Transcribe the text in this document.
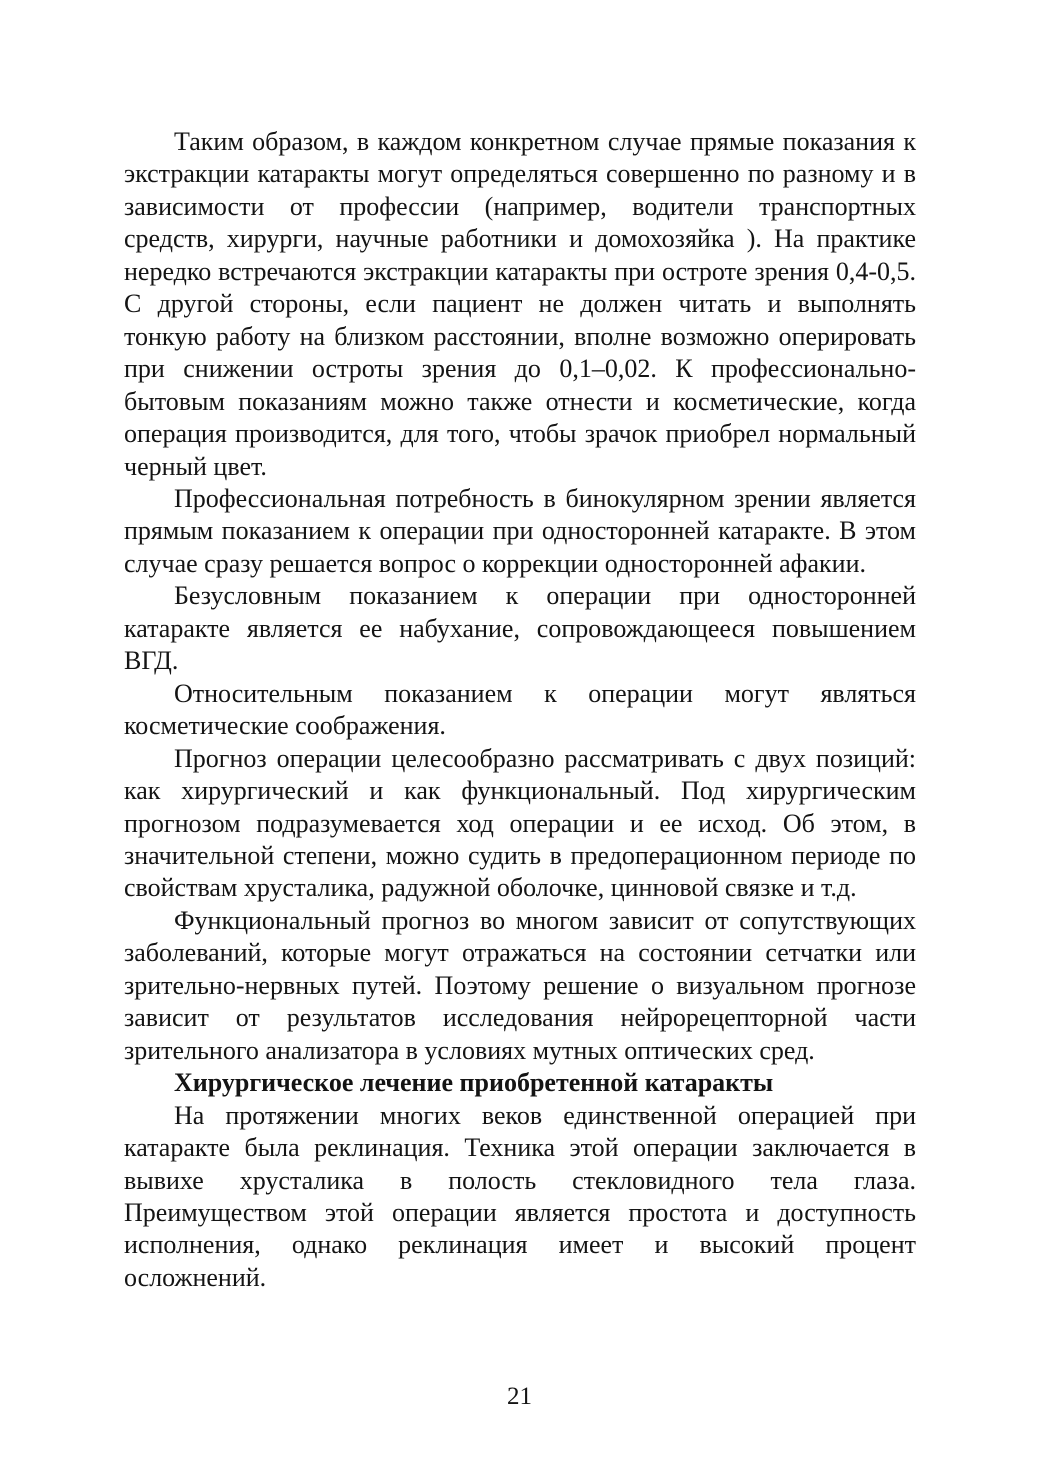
Таким образом, в каждом конкретном случае прямые показания к экстракции катаракты могут определяться совершенно по разному и в зависимости от профессии (например, водители транспортных средств, хирурги, научные работники и домохозяйка ). На практике нередко встречаются экстракции катаракты при остроте зрения 0,4-0,5. С другой стороны, если пациент не должен читать и выполнять тонкую работу на близком расстоянии, вполне возможно оперировать при снижении остроты зрения до 0,1–0,02. К профессионально-бытовым показаниям можно также отнести и косметические, когда операция производится, для того, чтобы зрачок приобрел нормальный черный цвет.

Профессиональная потребность в бинокулярном зрении является прямым показанием к операции при односторонней катаракте. В этом случае сразу решается вопрос о коррекции односторонней афакии.

Безусловным показанием к операции при односторонней катаракте является ее набухание, сопровождающееся повышением ВГД.

Относительным показанием к операции могут являться косметические соображения.

Прогноз операции целесообразно рассматривать с двух позиций: как хирургический и как функциональный. Под хирургическим прогнозом подразумевается ход операции и ее исход. Об этом, в значительной степени, можно судить в предоперационном периоде по свойствам хрусталика, радужной оболочке, цинновой связке и т.д.

Функциональный прогноз во многом зависит от сопутствующих заболеваний, которые могут отражаться на состоянии сетчатки или зрительно-нервных путей. Поэтому решение о визуальном прогнозе зависит от результатов исследования нейрорецепторной части зрительного анализатора в условиях мутных оптических сред.

Хирургическое лечение приобретенной катаракты

На протяжении многих веков единственной операцией при катаракте была реклинация. Техника этой операции заключается в вывихе хрусталика в полость стекловидного тела глаза. Преимуществом этой операции является простота и доступность исполнения, однако реклинация имеет и высокий процент осложнений.

21
